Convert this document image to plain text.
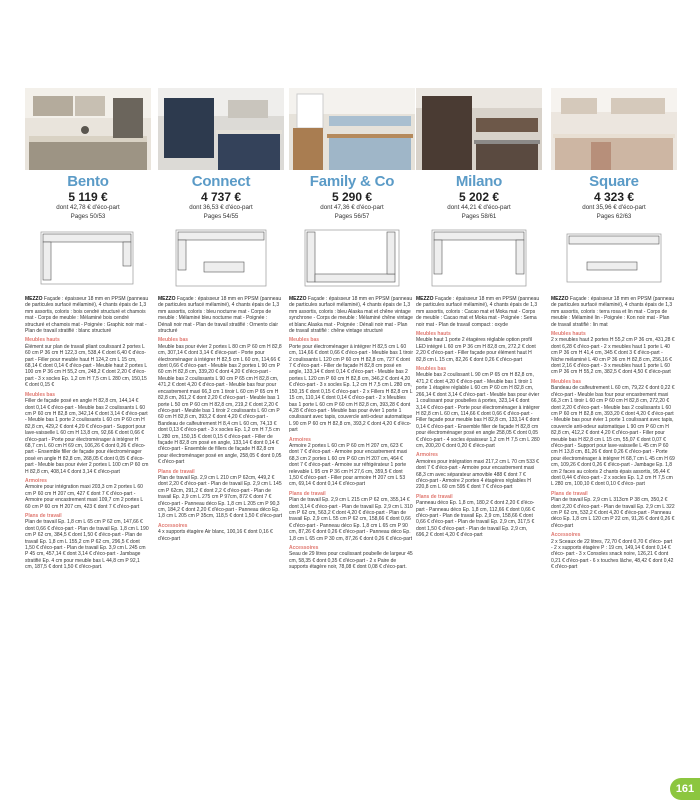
Bento
5 119 €
dont 42,78 € d'éco-part
Pages 50/53
MEZZO Façade : épaisseur 18 mm en PPSM (panneau de particules surfacé mélaminé), 4 chants épais de 1,3 mm assortis, coloris : bois cendré structuré et chamois mat - Corps de meuble : Mélaminé bois cendré structuré et chamois mat - Poignée : Graphic noir mat - Plan de travail stratifié : blanc structuré
Meubles hauts
Élément sur plan de travail pliant coulissant 2 portes L 60 cm P 36 cm H 122,3 cm, 538,4 € dont 6,40 € d'éco-part - Filler pour meuble haut H 124,2 cm L 15 cm, 68,14 € dont 0,14 € d'éco-part - Meuble haut 2 portes L 100 cm P 36 cm H 55,2 cm, 248,2 € dont 2,20 € d'éco-part - 3 x socles Ep. 1,2 cm H 7,5 cm L 280 cm, 150,15 € dont 0,15 €
Meubles bas
Filler de façade posé en angle H 82,8 cm, 144,14 € dont 0,14 € d'éco-part - Meuble bas 2 coulissants L 60 cm P 60 cm H 82,8 cm, 342,14 € dont 3,14 € d'éco-part - Meuble bas 1 porte 2 coulissants L 60 cm P 60 cm H 82,8 cm, 429,2 € dont 4,20 € d'éco-part - Support pour lave-vaisselle L 60 cm H 13,8 cm, 92,66 € dont 0,66 € d'éco-part - Porte pour électroménager à intégrer H 68,7 cm L 60 cm H 69 cm, 106,26 € dont 0,26 € d'éco-part - Ensemble filler de façade pour électroménager posé en angle H 82,8 cm, 268,05 € dont 0,05 € d'éco-part - Meuble bas pour évier 2 portes L 100 cm P 60 cm H 82,8 cm, 408,14 € dont 3,14 € d'éco-part
Armoires
Armoire pour intégration maxi 203,3 cm 2 portes L 60 cm P 60 cm H 207 cm, 427 € dont 7 € d'éco-part - Armoire pour encastrement maxi 109,7 cm 2 portes L 60 cm P 60 cm H 207 cm, 423 € dont 7 € d'éco-part
Plans de travail
Plan de travail Ep. 1,8 cm L 65 cm P 62 cm, 147,66 € dont 0,66 € d'éco-part - Plan de travail Ep. 1,8 cm L 190 cm P 62 cm, 384,5 € dont 1,50 € d'éco-part - Plan de travail Ep. 1,8 cm L 155,2 cm P 62 cm, 296,5 € dont 1,50 € d'éco-part - Plan de travail Ep. 3,9 cm L 245 cm P 45 cm, 457,14 € dont 3,14 € d'éco-part - Jambage stratifié Ep. 4 cm pour meuble bas L 44,8 cm P 92,1 cm, 187,5 € dont 1,50 € d'éco-part.
Connect
4 737 €
dont 36,53 € d'éco-part
Pages 54/55
MEZZO Façade : épaisseur 18 mm en PPSM (panneau de particules surfacé mélaminé), 4 chants épais de 1,3 mm assortis, coloris : bleu nocturne mat - Corps de meuble : Mélaminé bleu nocturne mat - Poignée : Dénali noir mat - Plan de travail stratifié : Ornento clair structuré
Meubles bas
Meuble bas pour évier 2 portes L 80 cm P 60 cm H 82,8 cm, 307,14 € dont 3,14 € d'éco-part - Porte pour électroménager à intégrer H 82,5 cm L 60 cm, 114,66 € dont 0,66 € d'éco-part - Meuble bas 2 portes L 90 cm P 60 cm H 82,8 cm, 339,20 € dont 4,20 € d'éco-part - Meuble bas 2 coulissants L 90 cm P 65 cm H 82,8 cm, 471,2 € dont 4,20 € d'éco-part - Meuble bas four pour encastrement maxi 66,3 cm 1 tiroir L 60 cm P 65 cm H 82,8 cm, 261,2 € dont 2,20 € d'éco-part - Meuble bas 1 porte L 50 cm P 60 cm H 82,8 cm, 219,2 € dont 2,20 € d'éco-part - Meuble bas 1 tiroir 2 coulissants L 60 cm P 60 cm H 82,8 cm, 393,2 € dont 4,20 € d'éco-part - Bandeau de calfeutrement H 8,4 cm L 60 cm, 74,13 € dont 0,13 € d'éco-part - 3 x socles Ep. 1,2 cm H 7,5 cm L 280 cm, 150,15 € dont 0,15 € d'éco-part - Filler de façade H 82,8 cm posé en angle, 133,14 € dont 0,14 € d'éco-part - Ensemble de fillers de façade H 82,8 cm pour électroménager posé en angle, 258,05 € dont 0,05 € d'éco-part
Plans de travail
Plan de travail Ep. 2,9 cm L 210 cm P 62cm, 449,2 € dont 2,20 € d'éco-part - Plan de travail Ep. 2,9 cm L 145 cm P 62cm, 291,2 € dont 2,2 € d'éco-part - Plan de travail Ep. 2,9 cm L 275 cm P 97cm, 872 € dont 7 € d'éco-part - Panneau déco Ep. 1,8 cm L 205 cm P 90,3 cm, 184,2 € dont 2,20 € d'éco-part - Panneau déco Ep. 1,8 cm L 205 cm P 35cm, 118,5 € dont 1,50 € d'éco-part
Accessoires
4 x supports étagère Air blanc, 100,16 € dont 0,16 € d'éco-part
Family & Co
5 290 €
dont 47,36 € d'éco-part
Pages 56/57
MEZZO Façade : épaisseur 18 mm en PPSM (panneau de particules surfacé mélaminé), 4 chants épais de 1,3 mm assortis, coloris : bleu Alaska mat et chêne vintage synchrone - Corps de meuble : Mélaminé chêne vintage et blanc Alaska mat - Poignée : Dénali noir mat - Plan de travail stratifié : chêne vintage structuré
Meubles bas
Porte pour électroménager à intégrer H 82,5 cm L 60 cm, 114,66 € dont 0,66 € d'éco-part - Meuble bas 1 tiroir 2 coulissants L 120 cm P 60 cm H 82,8 cm, 727 € dont 7 € d'éco-part - Filler de façade H 82,8 cm posé en angle, 133,14 € dont 0,14 € d'éco-part - Meuble bas 2 portes L 120 cm P 60 cm H 82,8 cm, 346,2 € dont 4,20 € d'éco-part - 3 x socles Ep. 1,2 cm H 7,5 cm L 280 cm, 150,15 € dont 0,15 € d'éco-part - 2 x Fillers H 82,8 cm L 15 cm, 110,14 € dont 0,14 € d'éco-part - 2 x Meubles bas 1 porte L 60 cm P 60 cm H 82,8 cm, 393,28 € dont 4,28 € d'éco-part - Meuble bas pour évier 1 porte 1 coulissant avec tapis, couvercle anti-odeur automatique L 90 cm P 60 cm H 82,8 cm, 393,2 € dont 4,20 € d'éco-part
Armoires
Armoire 2 portes L 60 cm P 60 cm H 207 cm, 623 € dont 7 € d'éco-part - Armoire pour encastrement maxi 68,3 cm 2 portes L 60 cm P 60 cm H 207 cm, 464 € dont 7 € d'éco-part - Armoire sur réfrigérateur 1 porte relevable L 95 cm P 36 cm H 27,6 cm, 359,5 € dont 1,50 € d'éco-part - Filler pour armoire H 207 cm L 53 cm, 69,14 € dont 0,14 € d'éco-part
Plans de travail
Plan de travail Ep. 2,9 cm L 215 cm P 62 cm, 355,14 € dont 3,14 € d'éco-part - Plan de travail Ep. 2,9 cm L 310 cm P 62 cm, 563,2 € dont 4,20 € d'éco-part - Plan de travail Ep. 2,9 cm L 55 cm P 62 cm, 158,66 € dont 0,66 € d'éco-part - Panneau déco Ep. 1,8 cm L 65 cm P 90 cm, 87,26 € dont 0,26 € d'éco-part - Panneau déco Ep. 1,8 cm L 65 cm P 30 cm, 87,26 € dont 0,26 € d'éco-part
Accessoires
Seau de 29 litres pour coulissant poubelle de largeur 45 cm, 58,35 € dont 0,35 € d'éco-part - 2 x Paire de supports étagère noir, 78,08 € dont 0,08 € d'éco-part.
Milano
5 202 €
dont 44,21 € d'éco-part
Pages 58/61
MEZZO Façade : épaisseur 18 mm en PPSM (panneau de particules surfacé mélaminé), 4 chants épais de 1,3 mm assortis, coloris : Cacao mat et Moka mat - Corps de meuble : Cacao mat et Moka mat - Poignée : Sema noir mat - Plan de travail compact : oxyde
Meubles hauts
Meuble haut 1 porte 2 étagères réglable option profil LED intégré L 60 cm P 36 cm H 82,8 cm, 272,2 € dont 2,20 € d'éco-part - Filler façade pour élément haut H 82,8 cm L 15 cm, 82,26 € dont 0,26 € d'éco-part
Meubles bas
Meuble bas 2 coulissant L 90 cm P 65 cm H 82,8 cm, 471,2 € dont 4,20 € d'éco-part - Meuble bas 1 tiroir 1 porte 1 étagère réglable L 60 cm P 60 cm H 82,8 cm, 266,14 € dont 3,14 € d'éco-part - Meuble bas pour évier 1 coulissant pour poubelles à portes, 323,14 € dont 3,14 € d'éco-part - Porte pour électroménager à intégrer H 82,8 cm L 60 cm, 114,66 € dont 0,66 € d'éco-part - Filler façade pour meuble bas H 82,8 cm, 133,14 € dont 0,14 € d'éco-part - Ensemble filler de façade H 82,8 cm pour électroménager posé en angle 258,05 € dont 0,05 € d'éco-part - 4 socles épaisseur 1,2 cm H 7,5 cm L 280 cm, 200,20 € dont 0,20 € d'éco-part
Armoires
Armoires pour intégration maxi 217,2 cm L 70 cm 533 € dont 7 € d'éco-part - Armoire pour encastrement maxi 68,3 cm avec séparateur amovible 488 € dont 7 € d'éco-part - Armoire 2 portes 4 étagères réglables H 220,8 cm L 60 cm 595 € dont 7 € d'éco-part
Plans de travail
Panneau déco Ep. 1,8 cm, 180,2 € dont 2,20 € d'éco-part - Panneau déco Ep. 1,8 cm, 112,66 € dont 0,66 € d'éco-part - Plan de travail Ep. 2,9 cm, 158,66 € dont 0,66 € d'éco-part - Plan de travail Ep. 2,9 cm, 317,5 € dont 1,50 € d'éco-part - Plan de travail Ep. 2,9 cm, 696,2 € dont 4,20 € d'éco-part
Square
4 323 €
dont 35,96 € d'éco-part
Pages 62/63
MEZZO Façade : épaisseur 18 mm en PPSM (panneau de particules surfacé mélaminé), 4 chants épais de 1,3 mm assortis, coloris : terra rosa et lin mat - Corps de meuble : Mélaminé lin - Poignée : Kon noir mat - Plan de travail stratifié : lin mat
Meubles hauts
2 x meubles haut 2 portes H 55,2 cm P 36 cm, 431,28 € dont 6,28 € d'éco-part - 2 x meubles haut 1 porte L 40 cm P 36 cm H 41,4 cm, 345 € dont 3 € d'éco-part - Niche mélaminé L 40 cm P 36 cm H 82,8 cm, 256,16 € dont 2,16 € d'éco-part - 3 x meubles haut 1 porte L 60 cm P 36 cm H 55,2 cm, 382,5 € dont 4,50 € d'éco-part
Meubles bas
Bandeau de calfeutrement L 60 cm, 79,22 € dont 0,22 € d'éco-part - Meuble bas four pour encastrement maxi 66,3 cm 1 tiroir L 60 cm P 60 cm H 82,8 cm, 272,20 € dont 2,20 € d'éco-part - Meuble bas 2 coulissants L 60 cm P 60 cm H 82,8 cm, 393,20 € dont 4,20 € d'éco-part - Meuble bas pour évier 1 porte 1 coulissant avec tapis, couvercle anti-odeur automatique L 90 cm P 60 cm H 82,8 cm, 412,2 € dont 4,20 € d'éco-part - Filler pour meuble bas H 82,8 cm L 15 cm, 55,07 € dont 0,07 € d'éco-part - Support pour lave-vaisselle L 45 cm P 60 cm H 13,8 cm, 81,26 € dont 0,26 € d'éco-part - Porte pour électroménager à intégrer H 68,7 cm L 45 cm H 69 cm, 109,26 € dont 0,26 € d'éco-part - Jambage Ep. 1,8 cm 2 faces au coloris 2 chants épais assortis, 95,44 € dont 0,44 € d'éco-part - 2 x socles Ep. 1,2 cm H 7,5 cm L 280 cm, 100,10 € dont 0,10 € d'éco- part
Plans de travail
Plan de travail Ep. 2,9 cm L 313cm P 38 cm, 350,2 € dont 2,20 € d'éco-part - Plan de travail Ep. 2,9 cm L 322 cm P 62 cm, 532,2 € dont 4,20 € d'éco-part - Panneau déco Ep. 1,8 cm L 120 cm P 22 cm, 91,26 € dont 0,26 € d'éco-part
Accessoires
2 x Sceaux de 22 litres, 72,70 € dont 0,70 € d'éco- part - 2 x supports étagère P : 19 cm, 149,14 € dont 0,14 € d'éco- part - 3 x Consoles snack noire, 126,21 € dont 0,21 € d'éco-part - 6 x touches lâche, 48,42 € dont 0,42 € d'éco-part
161
